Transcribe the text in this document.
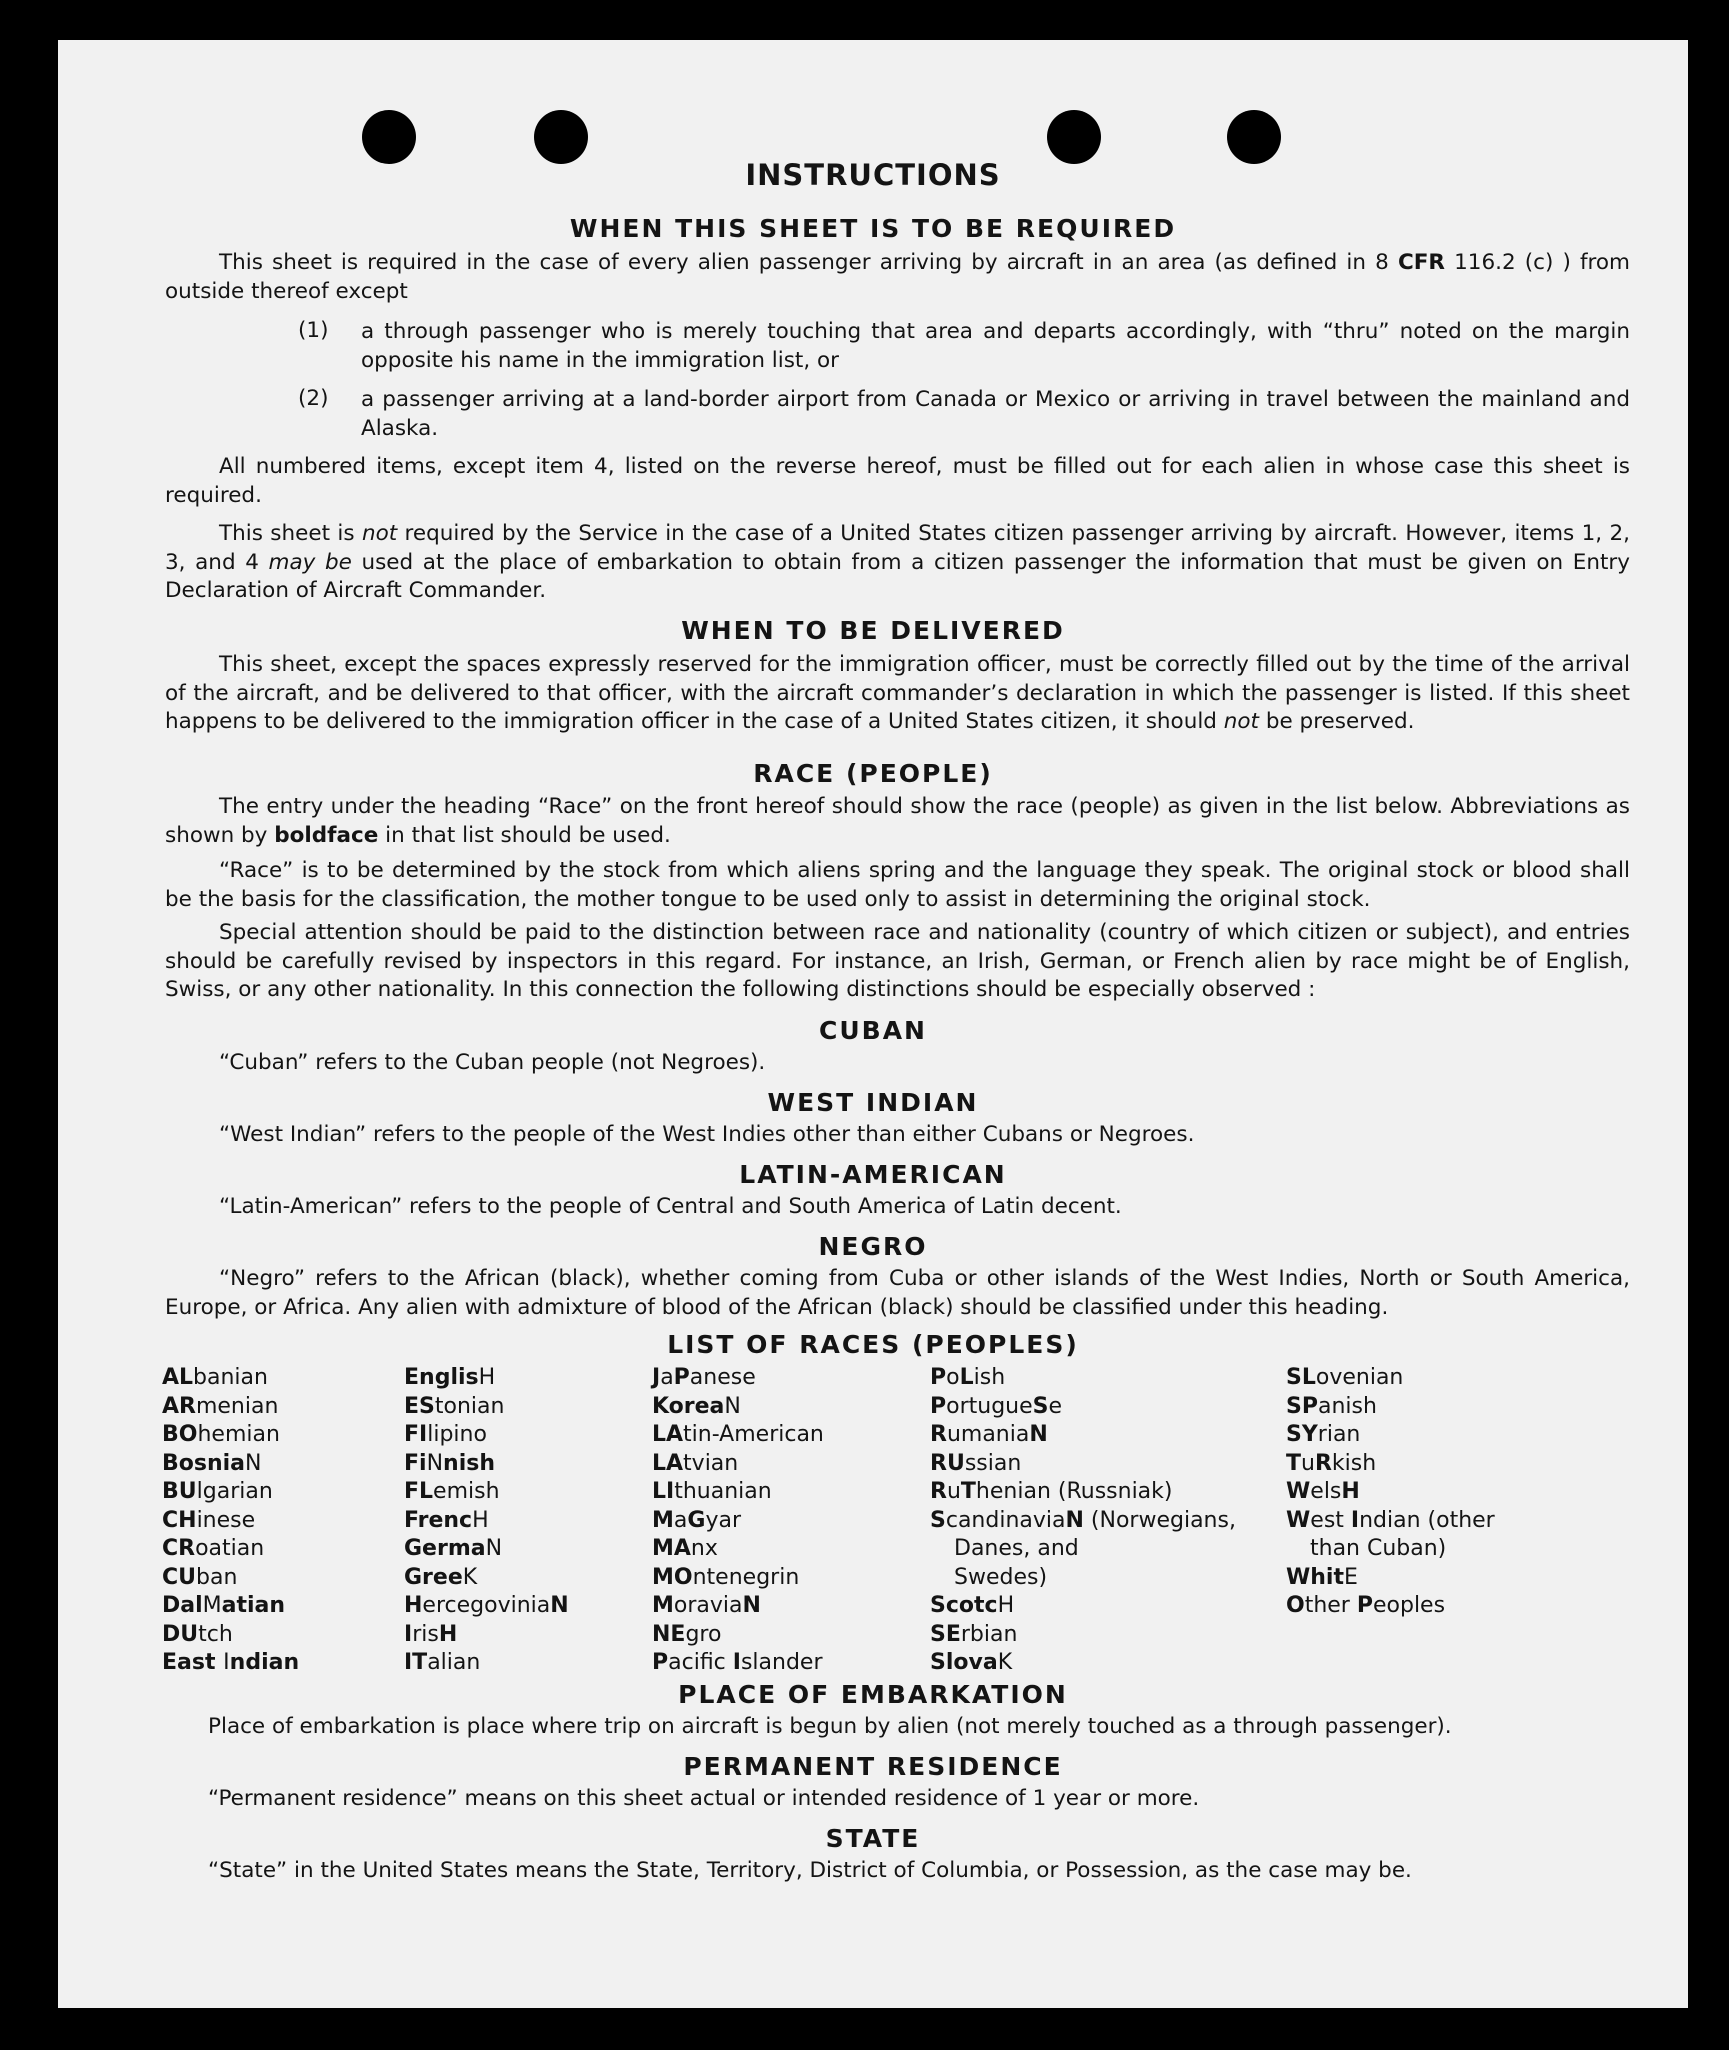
INSTRUCTIONS
WHEN THIS SHEET IS TO BE REQUIRED

This sheet is required in the case of every alien passenger arriving by aircraft in an area (as defined in 8 CFR 116.2 (c) ) from outside thereof except

(1) a through passenger who is merely touching that area and departs accordingly, with “thru” noted on the margin opposite his name in the immigration list, or

(2) a passenger arriving at a land-border airport from Canada or Mexico or arriving in travel between the mainland and Alaska.

All numbered items, except item 4, listed on the reverse hereof, must be filled out for each alien in whose case this sheet is required.

This sheet is not required by the Service in the case of a United States citizen passenger arriving by aircraft. However, items 1, 2, 3, and 4 may be used at the place of embarkation to obtain from a citizen passenger the information that must be given on Entry Declaration of Aircraft Commander.

WHEN TO BE DELIVERED

This sheet, except the spaces expressly reserved for the immigration officer, must be correctly filled out by the time of the arrival of the aircraft, and be delivered to that officer, with the aircraft commander’s declaration in which the passenger is listed. If this sheet happens to be delivered to the immigration officer in the case of a United States citizen, it should not be preserved.

RACE (PEOPLE)

The entry under the heading “Race” on the front hereof should show the race (people) as given in the list below. Abbreviations as shown by boldface in that list should be used.

“Race” is to be determined by the stock from which aliens spring and the language they speak. The original stock or blood shall be the basis for the classification, the mother tongue to be used only to assist in determining the original stock.

Special attention should be paid to the distinction between race and nationality (country of which citizen or subject), and entries should be carefully revised by inspectors in this regard. For instance, an Irish, German, or French alien by race might be of English, Swiss, or any other nationality. In this connection the following distinctions should be especially observed :

CUBAN

“Cuban” refers to the Cuban people (not Negroes).

WEST INDIAN

“West Indian” refers to the people of the West Indies other than either Cubans or Negroes.

LATIN-AMERICAN

“Latin-American” refers to the people of Central and South America of Latin decent.

NEGRO

“Negro” refers to the African (black), whether coming from Cuba or other islands of the West Indies, North or South America, Europe, or Africa. Any alien with admixture of blood of the African (black) should be classified under this heading.

LIST OF RACES (PEOPLES)
ALbanian
ARmenian
BOhemian
BosniaN
BUlgarian
CHinese
CRoatian
CUban
DalMatian
DUtch
East Indian
EnglisH
EStonian
FIlipino
FiNnish
FLemish
FrencH
GermaN
GreeK
HercegoviniaN
IrisH
ITalian
JaPanese
KoreaN
LAtin-American
LAtvian
LIthuanian
MaGyar
MAnx
MOntenegrin
MoraviaN
NEgro
Pacific Islander
PoLish
PortugueSe
RumaniaN
RUssian
RuThenian (Russniak)
ScandinaviaN (Norwegians,
Danes, and
Swedes)
ScotcH
SErbian
SlovaK
SLovenian
SPanish
SYrian
TuRkish
WelsH
West Indian (other
than Cuban)
WhitE
Other Peoples
PLACE OF EMBARKATION

Place of embarkation is place where trip on aircraft is begun by alien (not merely touched as a through passenger).

PERMANENT RESIDENCE

“Permanent residence” means on this sheet actual or intended residence of 1 year or more.

STATE

“State” in the United States means the State, Territory, District of Columbia, or Possession, as the case may be.
